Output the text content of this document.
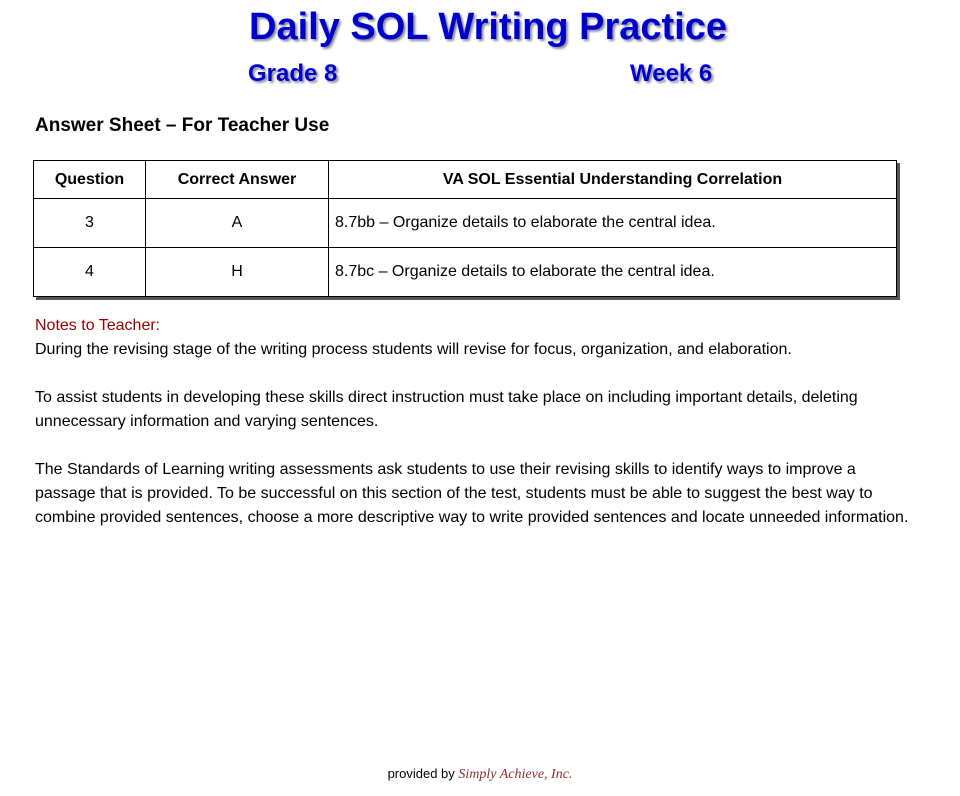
Daily SOL Writing Practice
Grade 8	Week 6
Answer Sheet – For Teacher Use
Question	Correct Answer	VA SOL Essential Understanding Correlation
3	A	8.7bb – Organize details to elaborate the central idea.
4	H	8.7bc – Organize details to elaborate the central idea.

Notes to Teacher:

During the revising stage of the writing process students will revise for focus, organization, and elaboration.

To assist students in developing these skills direct instruction must take place on including important details, deleting unnecessary information and varying sentences.

The Standards of Learning writing assessments ask students to use their revising skills to identify ways to improve a passage that is provided. To be successful on this section of the test, students must be able to suggest the best way to combine provided sentences, choose a more descriptive way to write provided sentences and locate unneeded information.

provided by Simply Achieve, Inc.
